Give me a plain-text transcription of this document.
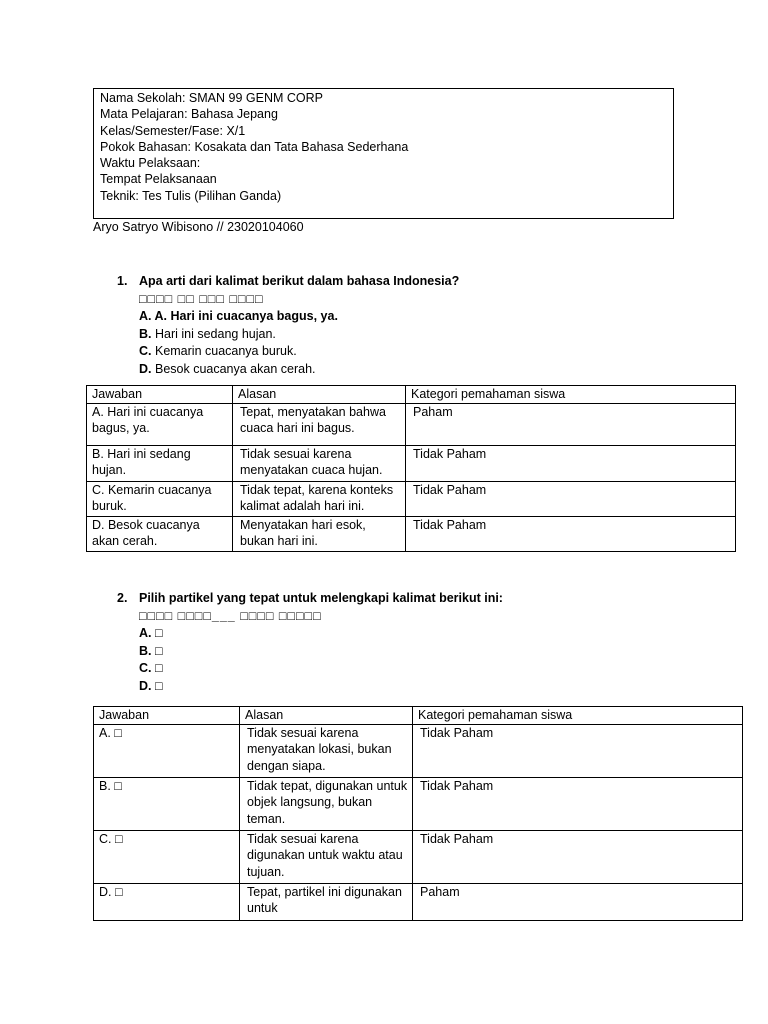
Nama Sekolah: SMAN 99 GENM CORP
Mata Pelajaran: Bahasa Jepang
Kelas/Semester/Fase: X/1
Pokok Bahasan: Kosakata dan Tata Bahasa Sederhana
Waktu Pelaksaan:
Tempat Pelaksanaan
Teknik: Tes Tulis (Pilihan Ganda)
Aryo Satryo Wibisono // 23020104060
1. Apa arti dari kalimat berikut dalam bahasa Indonesia?
□□□□ □□ □□□ □□□□
A. A. Hari ini cuacanya bagus, ya.
B. Hari ini sedang hujan.
C. Kemarin cuacanya buruk.
D. Besok cuacanya akan cerah.
Jawaban	Alasan	Kategori pemahaman siswa
A. Hari ini cuacanya bagus, ya.	Tepat, menyatakan bahwa cuaca hari ini bagus.	Paham
B. Hari ini sedang hujan.	Tidak sesuai karena menyatakan cuaca hujan.	Tidak Paham
C. Kemarin cuacanya buruk.	Tidak tepat, karena konteks kalimat adalah hari ini.	Tidak Paham
D. Besok cuacanya akan cerah.	Menyatakan hari esok, bukan hari ini.	Tidak Paham
2. Pilih partikel yang tepat untuk melengkapi kalimat berikut ini:
□□□□ □□□□___ □□□□ □□□□□
A. □
B. □
C. □
D. □
Jawaban	Alasan	Kategori pemahaman siswa
A. □	Tidak sesuai karena menyatakan lokasi, bukan dengan siapa.	Tidak Paham
B. □	Tidak tepat, digunakan untuk objek langsung, bukan teman.	Tidak Paham
C. □	Tidak sesuai karena digunakan untuk waktu atau tujuan.	Tidak Paham
D. □	Tepat, partikel ini digunakan untuk	Paham
